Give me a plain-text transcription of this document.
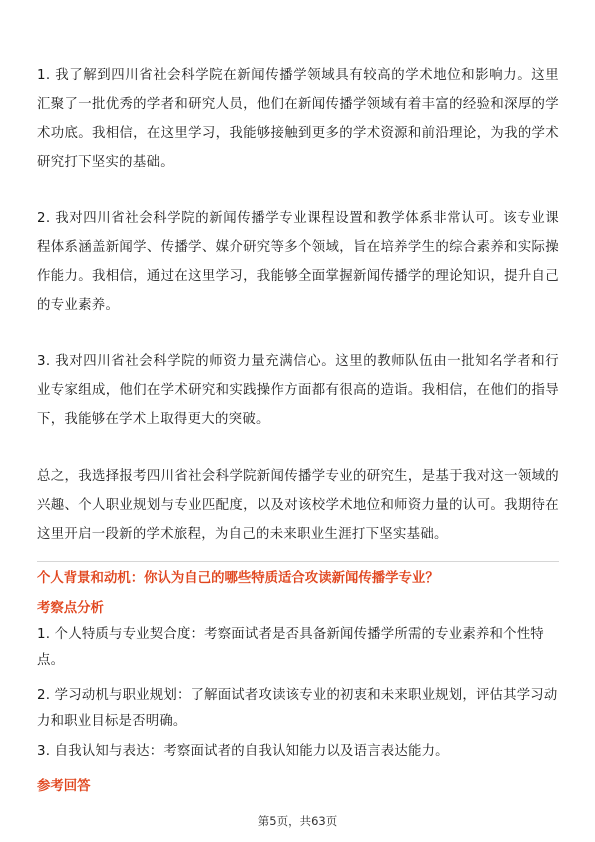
1. 我了解到四川省社会科学院在新闻传播学领域具有较高的学术地位和影响力。这里汇聚了一批优秀的学者和研究人员，他们在新闻传播学领域有着丰富的经验和深厚的学术功底。我相信，在这里学习，我能够接触到更多的学术资源和前沿理论，为我的学术研究打下坚实的基础。

2. 我对四川省社会科学院的新闻传播学专业课程设置和教学体系非常认可。该专业课程体系涵盖新闻学、传播学、媒介研究等多个领域，旨在培养学生的综合素养和实际操作能力。我相信，通过在这里学习，我能够全面掌握新闻传播学的理论知识，提升自己的专业素养。

3. 我对四川省社会科学院的师资力量充满信心。这里的教师队伍由一批知名学者和行业专家组成，他们在学术研究和实践操作方面都有很高的造诣。我相信，在他们的指导下，我能够在学术上取得更大的突破。

总之，我选择报考四川省社会科学院新闻传播学专业的研究生，是基于我对这一领域的兴趣、个人职业规划与专业匹配度，以及对该校学术地位和师资力量的认可。我期待在这里开启一段新的学术旅程，为自己的未来职业生涯打下坚实基础。

个人背景和动机：你认为自己的哪些特质适合攻读新闻传播学专业？

考察点分析

1. 个人特质与专业契合度：考察面试者是否具备新闻传播学所需的专业素养和个性特点。

2. 学习动机与职业规划：了解面试者攻读该专业的初衷和未来职业规划，评估其学习动力和职业目标是否明确。

3. 自我认知与表达：考察面试者的自我认知能力以及语言表达能力。

参考回答

第5页，共63页
